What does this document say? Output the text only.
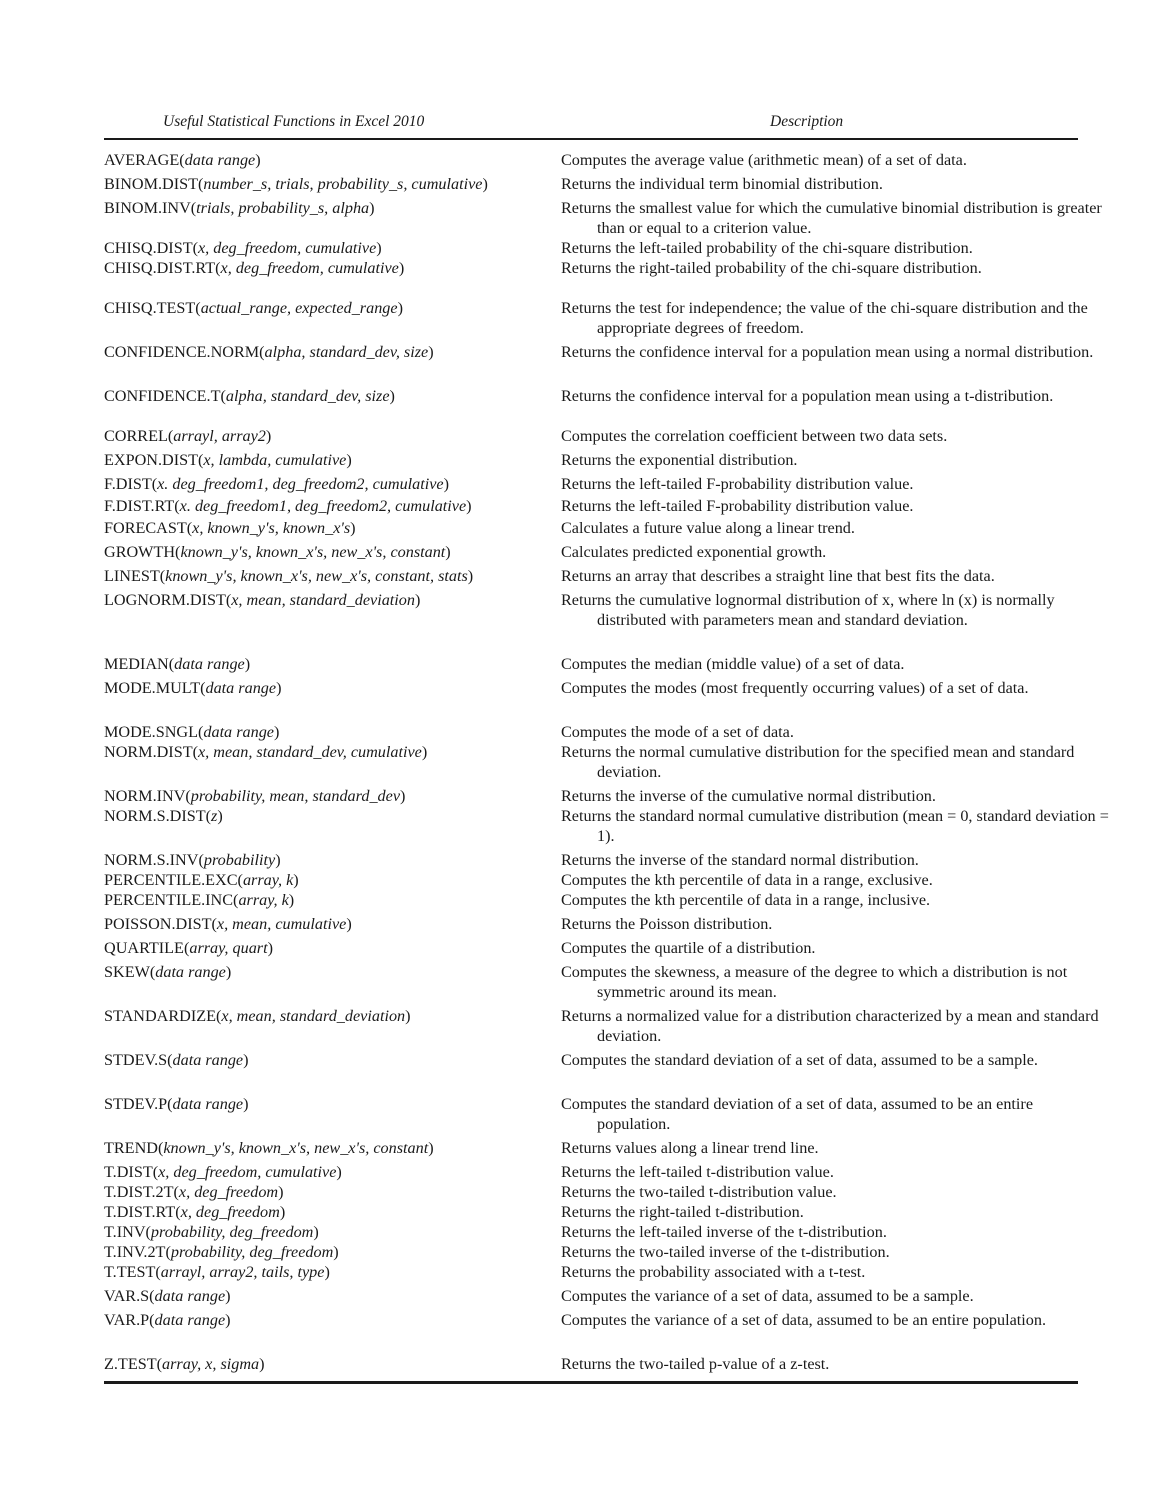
Useful Statistical Functions in Excel 2010	Description
AVERAGE(data range)	Computes the average value (arithmetic mean) of a set of data.
BINOM.DIST(number_s, trials, probability_s, cumulative)	Returns the individual term binomial distribution.
BINOM.INV(trials, probability_s, alpha)	Returns the smallest value for which the cumulative binomial distribution is greater than or equal to a criterion value.
CHISQ.DIST(x, deg_freedom, cumulative)	Returns the left-tailed probability of the chi-square distribution.
CHISQ.DIST.RT(x, deg_freedom, cumulative)	Returns the right-tailed probability of the chi-square distribution.
CHISQ.TEST(actual_range, expected_range)	Returns the test for independence; the value of the chi-square distribution and the appropriate degrees of freedom.
CONFIDENCE.NORM(alpha, standard_dev, size)	Returns the confidence interval for a population mean using a normal distribution.
CONFIDENCE.T(alpha, standard_dev, size)	Returns the confidence interval for a population mean using a t-distribution.
CORREL(arrayl, array2)	Computes the correlation coefficient between two data sets.
EXPON.DIST(x, lambda, cumulative)	Returns the exponential distribution.
F.DIST(x. deg_freedom1, deg_freedom2, cumulative)	Returns the left-tailed F-probability distribution value.
F.DIST.RT(x. deg_freedom1, deg_freedom2, cumulative)	Returns the left-tailed F-probability distribution value.
FORECAST(x, known_y's, known_x's)	Calculates a future value along a linear trend.
GROWTH(known_y's, known_x's, new_x's, constant)	Calculates predicted exponential growth.
LINEST(known_y's, known_x's, new_x's, constant, stats)	Returns an array that describes a straight line that best fits the data.
LOGNORM.DIST(x, mean, standard_deviation)	Returns the cumulative lognormal distribution of x, where ln (x) is normally distributed with parameters mean and standard deviation.
MEDIAN(data range)	Computes the median (middle value) of a set of data.
MODE.MULT(data range)	Computes the modes (most frequently occurring values) of a set of data.
MODE.SNGL(data range)	Computes the mode of a set of data.
NORM.DIST(x, mean, standard_dev, cumulative)	Returns the normal cumulative distribution for the specified mean and standard deviation.
NORM.INV(probability, mean, standard_dev)	Returns the inverse of the cumulative normal distribution.
NORM.S.DIST(z)	Returns the standard normal cumulative distribution (mean = 0, standard deviation = 1).
NORM.S.INV(probability)	Returns the inverse of the standard normal distribution.
PERCENTILE.EXC(array, k)	Computes the kth percentile of data in a range, exclusive.
PERCENTILE.INC(array, k)	Computes the kth percentile of data in a range, inclusive.
POISSON.DIST(x, mean, cumulative)	Returns the Poisson distribution.
QUARTILE(array, quart)	Computes the quartile of a distribution.
SKEW(data range)	Computes the skewness, a measure of the degree to which a distribution is not symmetric around its mean.
STANDARDIZE(x, mean, standard_deviation)	Returns a normalized value for a distribution characterized by a mean and standard deviation.
STDEV.S(data range)	Computes the standard deviation of a set of data, assumed to be a sample.
STDEV.P(data range)	Computes the standard deviation of a set of data, assumed to be an entire population.
TREND(known_y's, known_x's, new_x's, constant)	Returns values along a linear trend line.
T.DIST(x, deg_freedom, cumulative)	Returns the left-tailed t-distribution value.
T.DIST.2T(x, deg_freedom)	Returns the two-tailed t-distribution value.
T.DIST.RT(x, deg_freedom)	Returns the right-tailed t-distribution.
T.INV(probability, deg_freedom)	Returns the left-tailed inverse of the t-distribution.
T.INV.2T(probability, deg_freedom)	Returns the two-tailed inverse of the t-distribution.
T.TEST(arrayl, array2, tails, type)	Returns the probability associated with a t-test.
VAR.S(data range)	Computes the variance of a set of data, assumed to be a sample.
VAR.P(data range)	Computes the variance of a set of data, assumed to be an entire population.
Z.TEST(array, x, sigma)	Returns the two-tailed p-value of a z-test.
